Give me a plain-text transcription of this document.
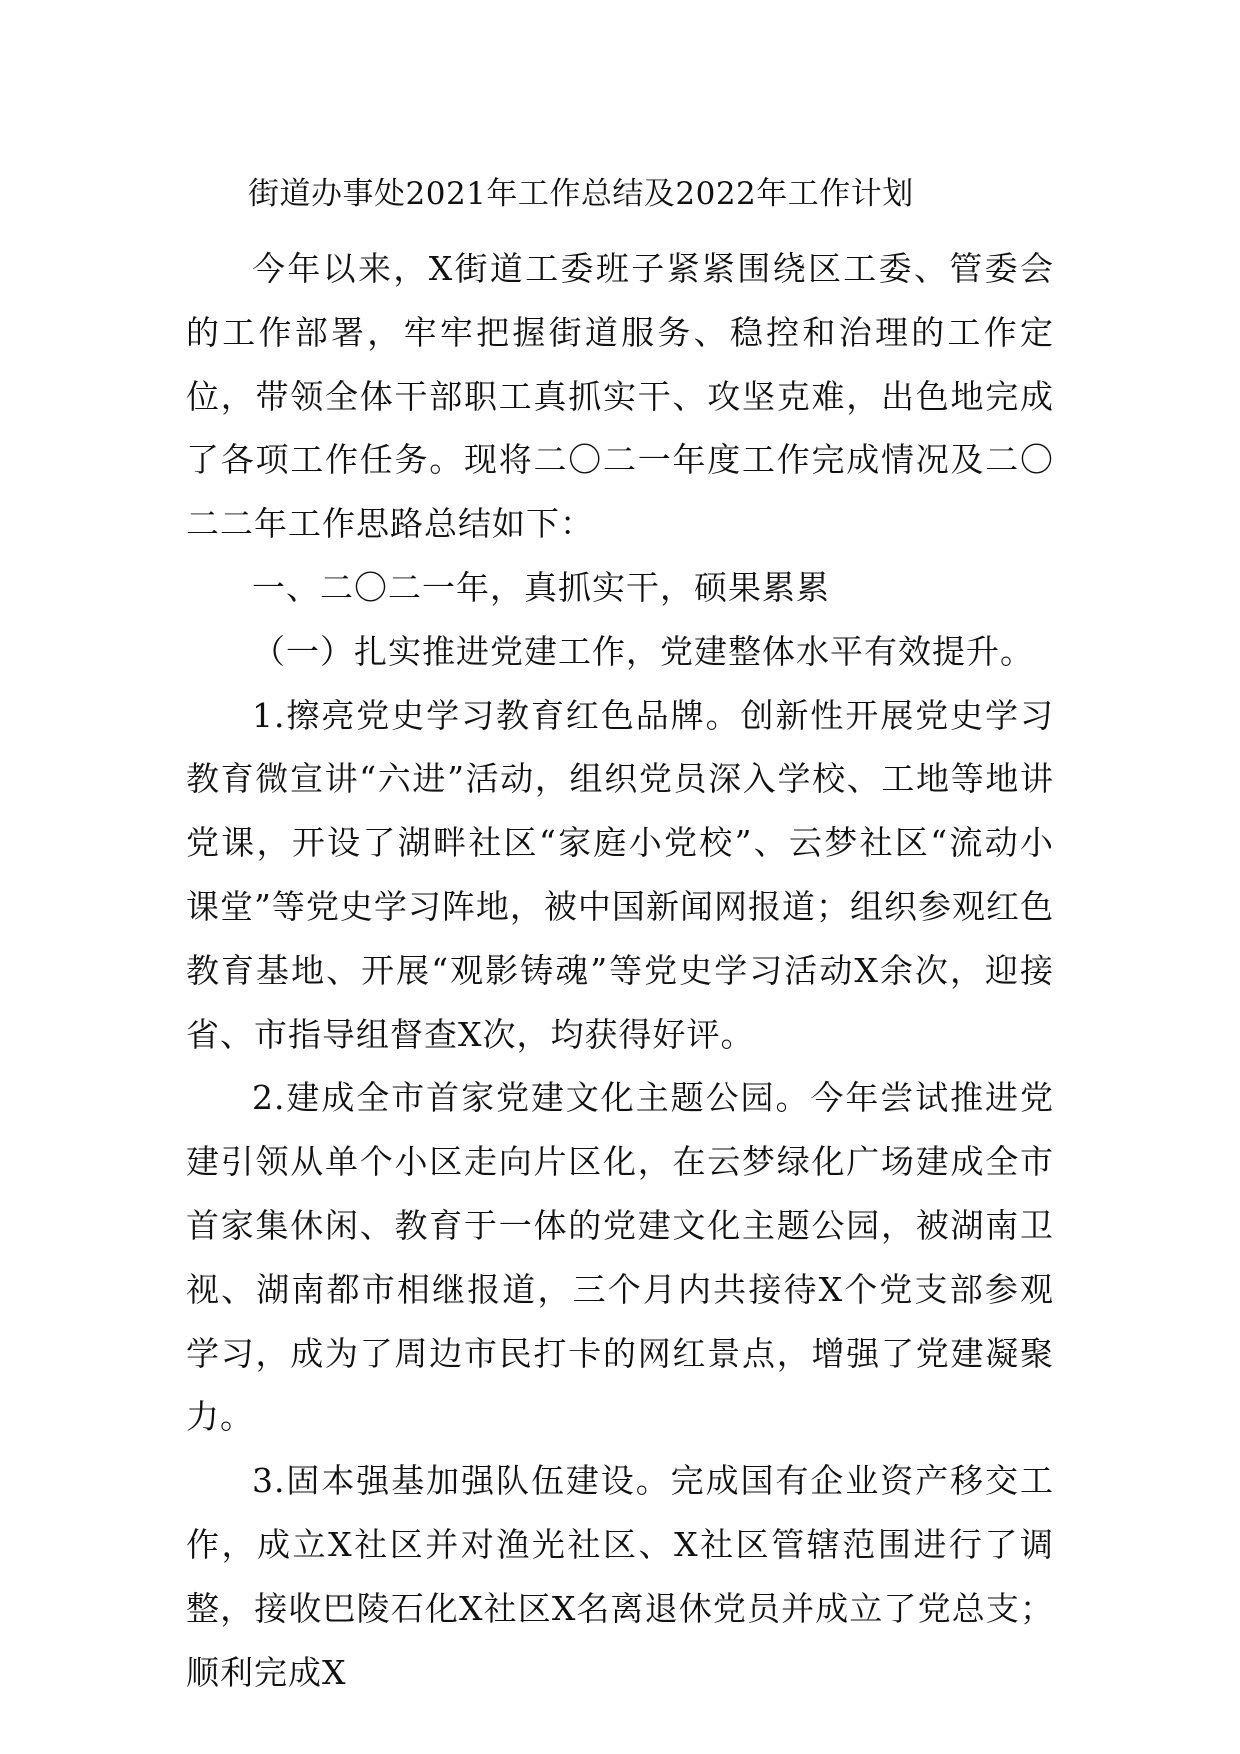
街道办事处2021年工作总结及2022年工作计划

今年以来，X街道工委班子紧紧围绕区工委、管委会的工作部署，牢牢把握街道服务、稳控和治理的工作定位，带领全体干部职工真抓实干、攻坚克难，出色地完成了各项工作任务。现将二〇二一年度工作完成情况及二〇二二年工作思路总结如下：

一、二〇二一年，真抓实干，硕果累累

（一）扎实推进党建工作，党建整体水平有效提升。

1.擦亮党史学习教育红色品牌。创新性开展党史学习教育微宣讲“六进”活动，组织党员深入学校、工地等地讲党课，开设了湖畔社区“家庭小党校”、云梦社区“流动小课堂”等党史学习阵地，被中国新闻网报道；组织参观红色教育基地、开展“观影铸魂”等党史学习活动X余次，迎接省、市指导组督查X次，均获得好评。

2.建成全市首家党建文化主题公园。今年尝试推进党建引领从单个小区走向片区化，在云梦绿化广场建成全市首家集休闲、教育于一体的党建文化主题公园，被湖南卫视、湖南都市相继报道，三个月内共接待X个党支部参观学习，成为了周边市民打卡的网红景点，增强了党建凝聚力。

3.固本强基加强队伍建设。完成国有企业资产移交工作，成立X社区并对渔光社区、X社区管辖范围进行了调整，接收巴陵石化X社区X名离退休党员并成立了党总支；顺利完成X
